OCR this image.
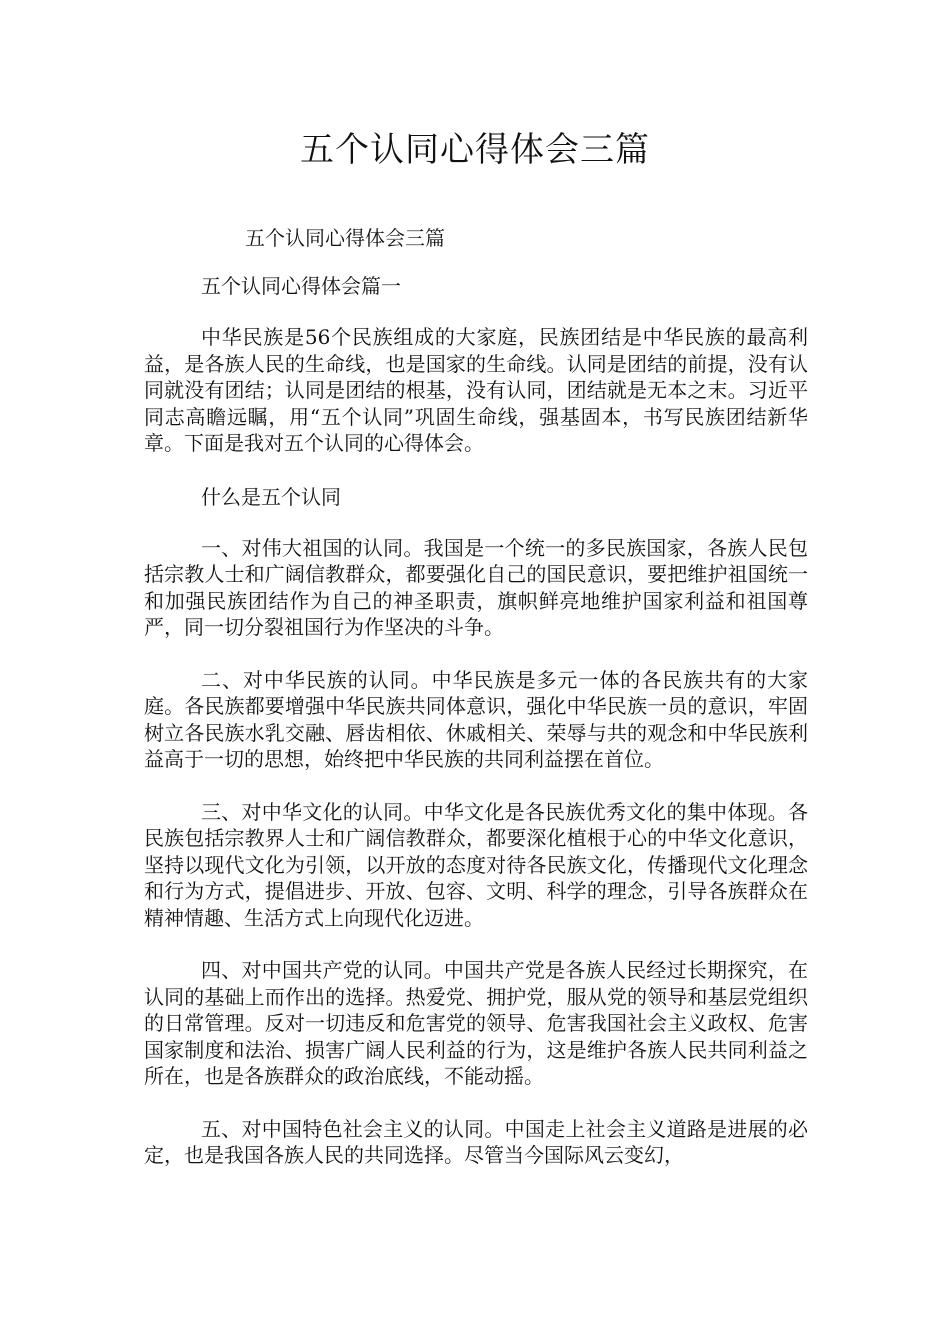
五个认同心得体会三篇

五个认同心得体会三篇

五个认同心得体会篇一

中华民族是56个民族组成的大家庭，民族团结是中华民族的最高利益，是各族人民的生命线，也是国家的生命线。认同是团结的前提，没有认同就没有团结；认同是团结的根基，没有认同，团结就是无本之末。习近平同志高瞻远瞩，用“五个认同”巩固生命线，强基固本，书写民族团结新华章。下面是我对五个认同的心得体会。

什么是五个认同

一、对伟大祖国的认同。我国是一个统一的多民族国家，各族人民包括宗教人士和广阔信教群众，都要强化自己的国民意识，要把维护祖国统一和加强民族团结作为自己的神圣职责，旗帜鲜亮地维护国家利益和祖国尊严，同一切分裂祖国行为作坚决的斗争。

二、对中华民族的认同。中华民族是多元一体的各民族共有的大家庭。各民族都要增强中华民族共同体意识，强化中华民族一员的意识，牢固树立各民族水乳交融、唇齿相依、休戚相关、荣辱与共的观念和中华民族利益高于一切的思想，始终把中华民族的共同利益摆在首位。

三、对中华文化的认同。中华文化是各民族优秀文化的集中体现。各民族包括宗教界人士和广阔信教群众，都要深化植根于心的中华文化意识，坚持以现代文化为引领，以开放的态度对待各民族文化，传播现代文化理念和行为方式，提倡进步、开放、包容、文明、科学的理念，引导各族群众在精神情趣、生活方式上向现代化迈进。

四、对中国共产党的认同。中国共产党是各族人民经过长期探究，在认同的基础上而作出的选择。热爱党、拥护党，服从党的领导和基层党组织的日常管理。反对一切违反和危害党的领导、危害我国社会主义政权、危害国家制度和法治、损害广阔人民利益的行为，这是维护各族人民共同利益之所在，也是各族群众的政治底线，不能动摇。

五、对中国特色社会主义的认同。中国走上社会主义道路是进展的必定，也是我国各族人民的共同选择。尽管当今国际风云变幻，
